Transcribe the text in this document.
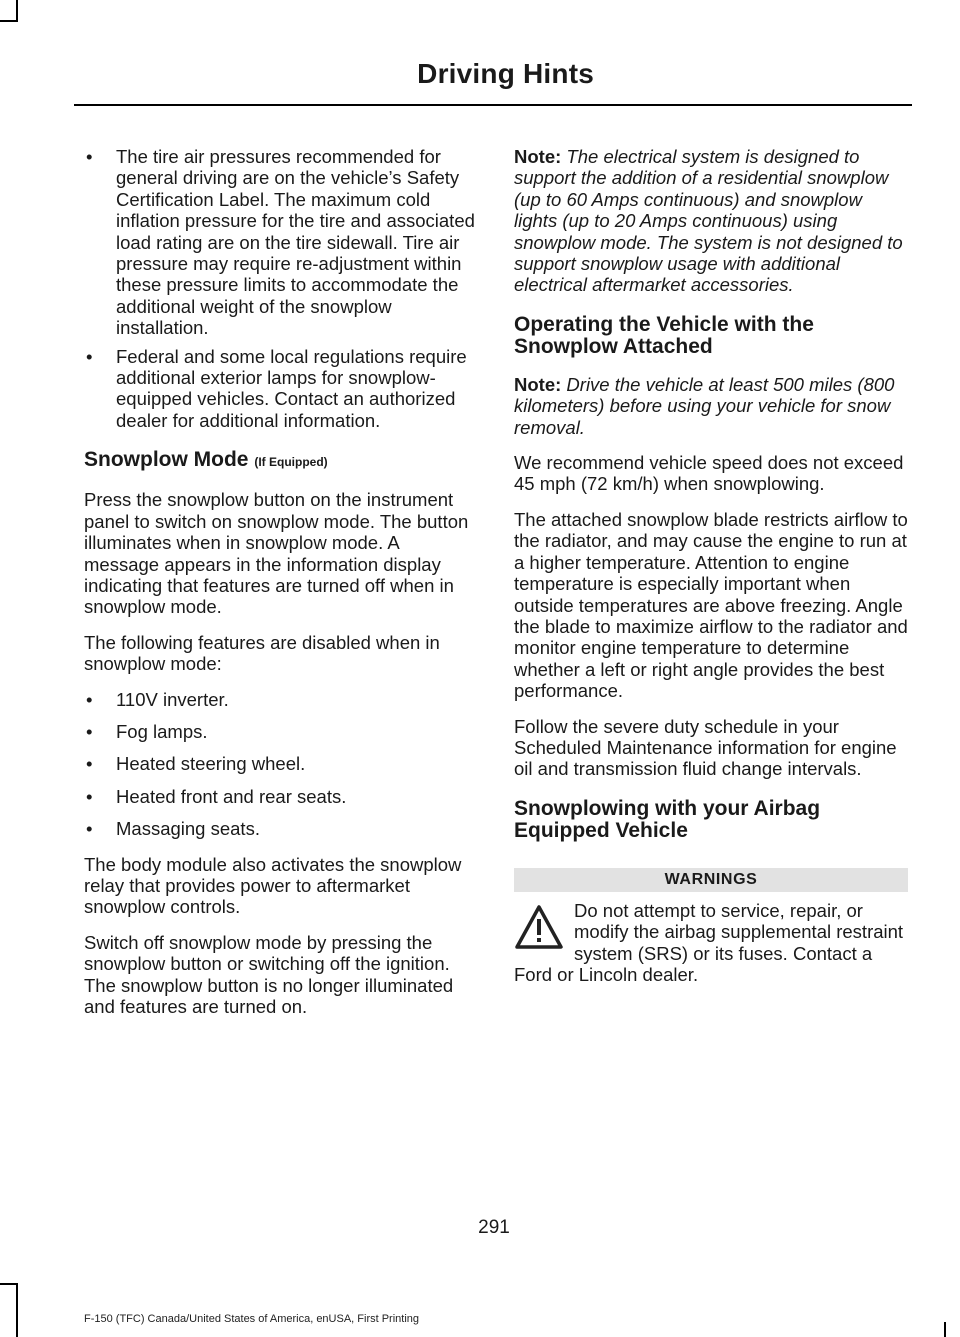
Driving Hints
• The tire air pressures recommended for general driving are on the vehicle’s Safety Certification Label. The maximum cold inflation pressure for the tire and associated load rating are on the tire sidewall. Tire air pressure may require re-adjustment within these pressure limits to accommodate the additional weight of the snowplow installation.
• Federal and some local regulations require additional exterior lamps for snowplow-equipped vehicles. Contact an authorized dealer for additional information.
Snowplow Mode (If Equipped)

Press the snowplow button on the instrument panel to switch on snowplow mode. The button illuminates when in snowplow mode. A message appears in the information display indicating that features are turned off when in snowplow mode.

The following features are disabled when in snowplow mode:

• 110V inverter.
• Fog lamps.
• Heated steering wheel.
• Heated front and rear seats.
• Massaging seats.

The body module also activates the snowplow relay that provides power to aftermarket snowplow controls.

Switch off snowplow mode by pressing the snowplow button or switching off the ignition. The snowplow button is no longer illuminated and features are turned on.

Note: The electrical system is designed to support the addition of a residential snowplow (up to 60 Amps continuous) and snowplow lights (up to 20 Amps continuous) using snowplow mode. The system is not designed to support snowplow usage with additional electrical aftermarket accessories.

Operating the Vehicle with the Snowplow Attached

Note: Drive the vehicle at least 500 miles (800 kilometers) before using your vehicle for snow removal.

We recommend vehicle speed does not exceed 45 mph (72 km/h) when snowplowing.

The attached snowplow blade restricts airflow to the radiator, and may cause the engine to run at a higher temperature. Attention to engine temperature is especially important when outside temperatures are above freezing. Angle the blade to maximize airflow to the radiator and monitor engine temperature to determine whether a left or right angle provides the best performance.

Follow the severe duty schedule in your Scheduled Maintenance information for engine oil and transmission fluid change intervals.

Snowplowing with your Airbag Equipped Vehicle
WARNINGS
Do not attempt to service, repair, or modify the airbag supplemental restraint system (SRS) or its fuses. Contact a Ford or Lincoln dealer.
291
F-150 (TFC) Canada/United States of America, enUSA, First Printing
